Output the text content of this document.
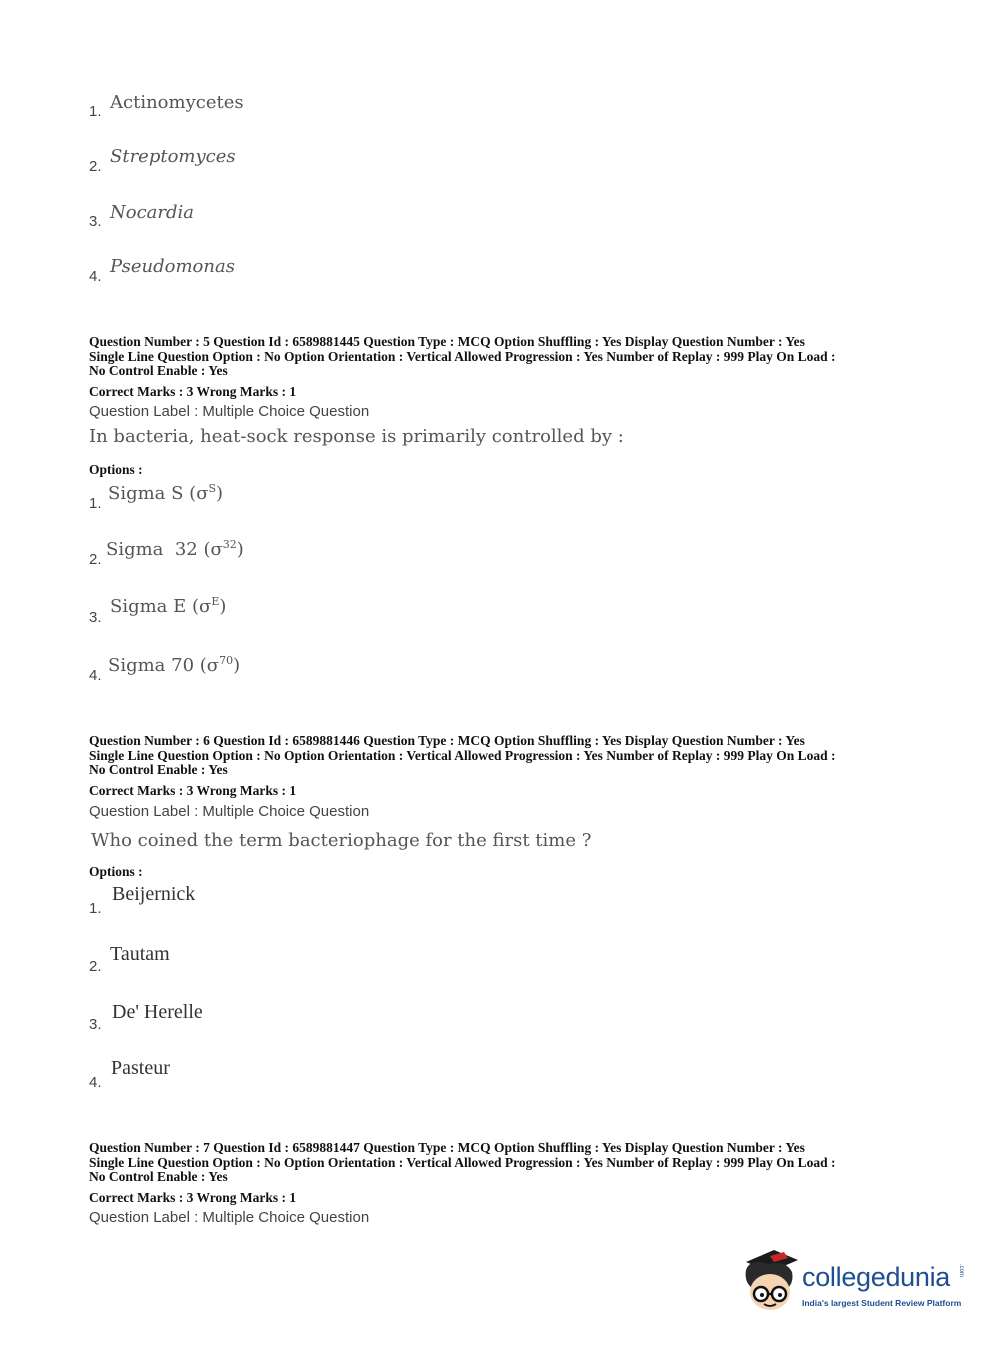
1. Actinomycetes
2. Streptomyces
3. Nocardia
4. Pseudomonas
Question Number : 5 Question Id : 6589881445 Question Type : MCQ Option Shuffling : Yes Display Question Number : Yes
Single Line Question Option : No Option Orientation : Vertical Allowed Progression : Yes Number of Replay : 999 Play On Load :
No Control Enable : Yes
Correct Marks : 3 Wrong Marks : 1
Question Label : Multiple Choice Question
In bacteria, heat-sock response is primarily controlled by :
Options :
1. Sigma S $(\sigma^S)$
2. Sigma  32 $(\sigma^{32})$
3.
Sigma E $(\sigma^E)$
4. Sigma 70 $(\sigma^{70})$
Question Number : 6 Question Id : 6589881446 Question Type : MCQ Option Shuffling : Yes Display Question Number : Yes
Single Line Question Option : No Option Orientation : Vertical Allowed Progression : Yes Number of Replay : 999 Play On Load :
No Control Enable : Yes
Correct Marks : 3 Wrong Marks : 1
Question Label : Multiple Choice Question
Who coined the term bacteriophage for the first time ?
Options :
1.
Beijernick
2.
Tautam
3.
De' Herelle
4.
Pasteur
Question Number : 7 Question Id : 6589881447 Question Type : MCQ Option Shuffling : Yes Display Question Number : Yes
Single Line Question Option : No Option Orientation : Vertical Allowed Progression : Yes Number of Replay : 999 Play On Load :
No Control Enable : Yes
Correct Marks : 3 Wrong Marks : 1
Question Label : Multiple Choice Question
collegedunia .com
India's largest Student Review Platform
